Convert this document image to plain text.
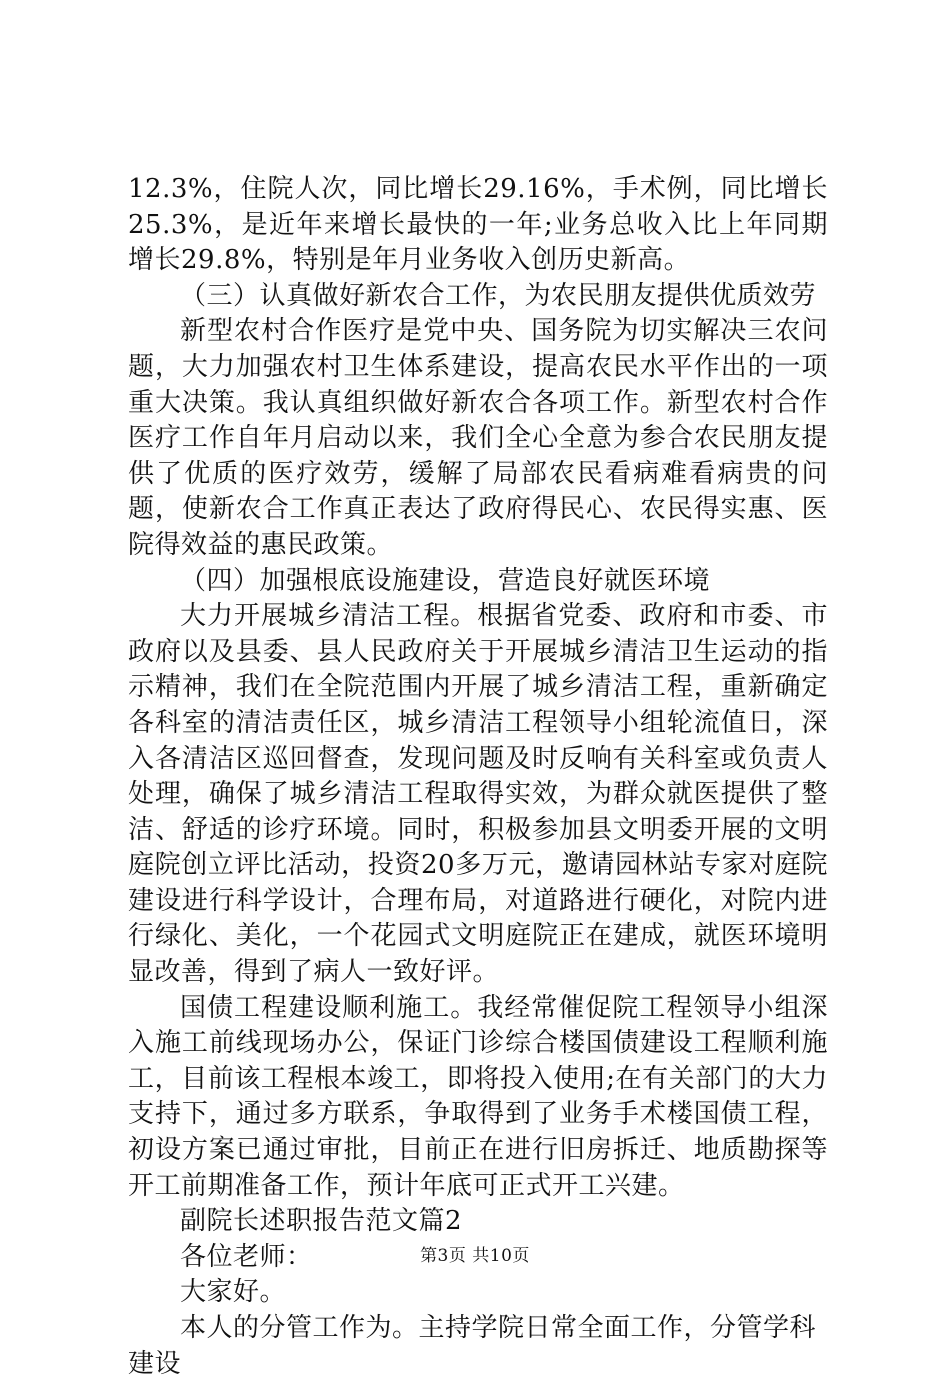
12.3%，住院人次，同比增长29.16%，手术例，同比增长25.3%，是近年来增长最快的一年;业务总收入比上年同期增长29.8%，特别是年月业务收入创历史新高。

（三）认真做好新农合工作，为农民朋友提供优质效劳

新型农村合作医疗是党中央、国务院为切实解决三农问题，大力加强农村卫生体系建设，提高农民水平作出的一项重大决策。我认真组织做好新农合各项工作。新型农村合作医疗工作自年月启动以来，我们全心全意为参合农民朋友提供了优质的医疗效劳，缓解了局部农民看病难看病贵的问题，使新农合工作真正表达了政府得民心、农民得实惠、医院得效益的惠民政策。

（四）加强根底设施建设，营造良好就医环境

大力开展城乡清洁工程。根据省党委、政府和市委、市政府以及县委、县人民政府关于开展城乡清洁卫生运动的指示精神，我们在全院范围内开展了城乡清洁工程，重新确定各科室的清洁责任区，城乡清洁工程领导小组轮流值日，深入各清洁区巡回督查，发现问题及时反响有关科室或负责人处理，确保了城乡清洁工程取得实效，为群众就医提供了整洁、舒适的诊疗环境。同时，积极参加县文明委开展的文明庭院创立评比活动，投资20多万元，邀请园林站专家对庭院建设进行科学设计，合理布局，对道路进行硬化，对院内进行绿化、美化，一个花园式文明庭院正在建成，就医环境明显改善，得到了病人一致好评。

国债工程建设顺利施工。我经常催促院工程领导小组深入施工前线现场办公，保证门诊综合楼国债建设工程顺利施工，目前该工程根本竣工，即将投入使用;在有关部门的大力支持下，通过多方联系，争取得到了业务手术楼国债工程，初设方案已通过审批，目前正在进行旧房拆迁、地质勘探等开工前期准备工作，预计年底可正式开工兴建。

副院长述职报告范文篇2

各位老师：

大家好。

本人的分管工作为。主持学院日常全面工作，分管学科建设

第3页 共10页
